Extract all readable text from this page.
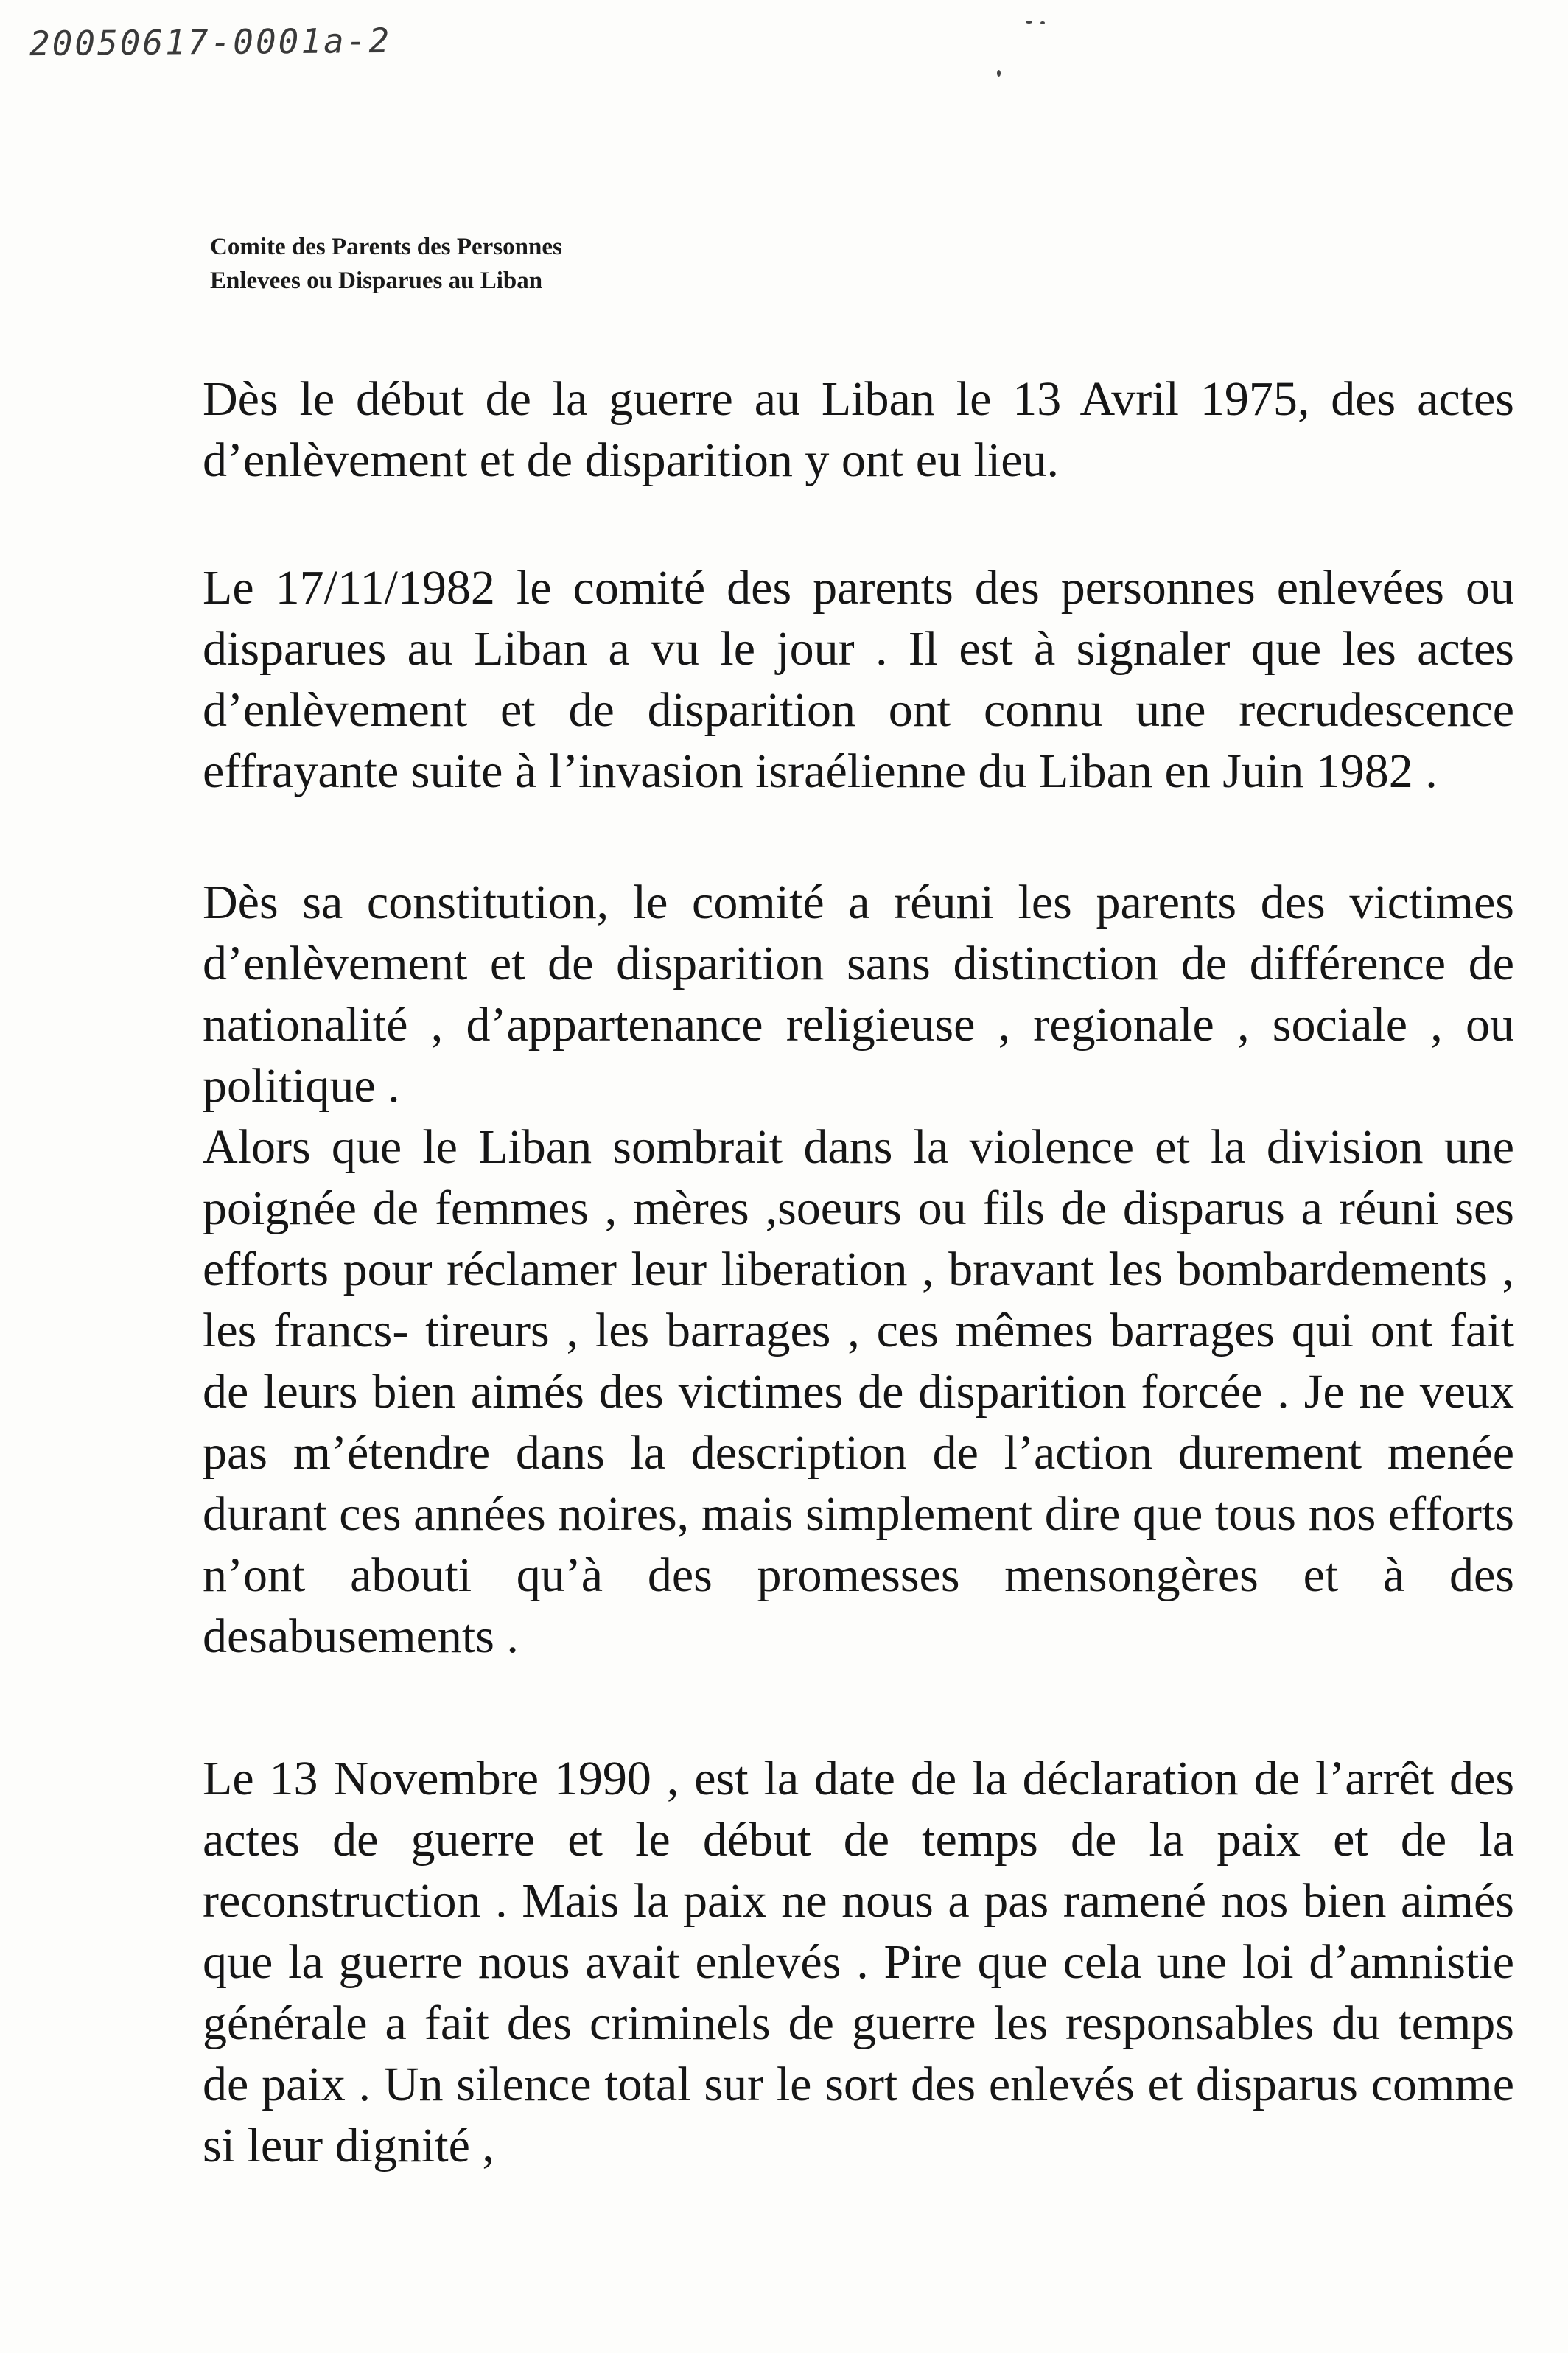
20050617-0001a-2
Comite des Parents des Personnes
Enlevees ou Disparues au Liban

Dès le début de la guerre au Liban le 13 Avril 1975, des actes d’enlèvement et de disparition y ont eu lieu.

Le 17/11/1982 le comité des parents des personnes enlevées ou disparues au Liban a vu le jour . Il est à signaler que les actes d’enlèvement et de disparition ont connu une recrudescence effrayante suite à l’invasion israélienne du Liban en Juin 1982 .

Dès sa constitution, le comité a réuni les parents des victimes d’enlèvement et de disparition sans distinction de différence de nationalité , d’appartenance religieuse , regionale , sociale , ou politique .

Alors que le Liban sombrait dans la violence et la division une poignée de femmes , mères ,soeurs ou fils de disparus a réuni ses efforts pour réclamer leur liberation , bravant les bombardements , les francs- tireurs , les barrages , ces mêmes barrages qui ont fait de leurs bien aimés des victimes de disparition forcée . Je ne veux pas m’étendre dans la description de l’action durement menée durant ces années noires, mais simplement dire que tous nos efforts n’ont abouti qu’à des promesses mensongères et à des desabusements .

Le 13 Novembre 1990 , est la date de la déclaration de l’arrêt des actes de guerre et le début de temps de la paix et de la reconstruction . Mais la paix ne nous a pas ramené nos bien aimés que la guerre nous avait enlevés . Pire que cela une loi d’amnistie générale a fait des criminels de guerre les responsables du temps de paix . Un silence total sur le sort des enlevés et disparus comme si leur dignité ,
